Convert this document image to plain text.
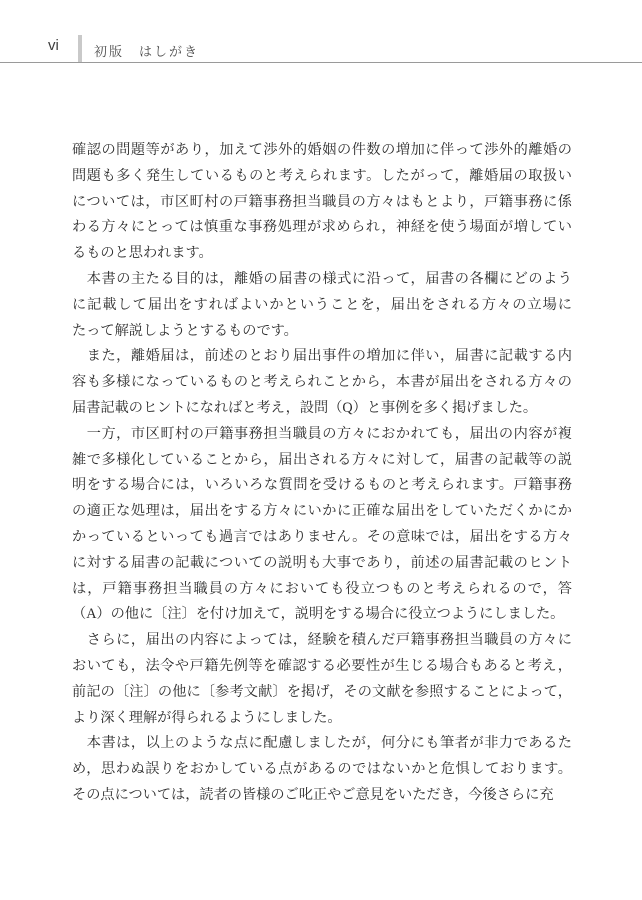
vi	初版　はしがき
確認の問題等があり，加えて渉外的婚姻の件数の増加に伴って渉外的離婚の
問題も多く発生しているものと考えられます。したがって，離婚届の取扱い
については，市区町村の戸籍事務担当職員の方々はもとより，戸籍事務に係
わる方々にとっては慎重な事務処理が求められ，神経を使う場面が増してい
るものと思われます。
　本書の主たる目的は，離婚の届書の様式に沿って，届書の各欄にどのよう
に記載して届出をすればよいかということを，届出をされる方々の立場に
たって解説しようとするものです。
　また，離婚届は，前述のとおり届出事件の増加に伴い，届書に記載する内
容も多様になっているものと考えられことから，本書が届出をされる方々の
届書記載のヒントになればと考え，設問（Q）と事例を多く掲げました。
　一方，市区町村の戸籍事務担当職員の方々におかれても，届出の内容が複
雑で多様化していることから，届出される方々に対して，届書の記載等の説
明をする場合には，いろいろな質問を受けるものと考えられます。戸籍事務
の適正な処理は，届出をする方々にいかに正確な届出をしていただくかにか
かっているといっても過言ではありません。その意味では，届出をする方々
に対する届書の記載についての説明も大事であり，前述の届書記載のヒント
は，戸籍事務担当職員の方々においても役立つものと考えられるので，答
（A）の他に〔注〕を付け加えて，説明をする場合に役立つようにしました。
　さらに，届出の内容によっては，経験を積んだ戸籍事務担当職員の方々に
おいても，法令や戸籍先例等を確認する必要性が生じる場合もあると考え，
前記の〔注〕の他に〔参考文献〕を掲げ，その文献を参照することによって，
より深く理解が得られるようにしました。
　本書は，以上のような点に配慮しましたが，何分にも筆者が非力であるた
め，思わぬ誤りをおかしている点があるのではないかと危惧しております。
その点については，読者の皆様のご叱正やご意見をいただき，今後さらに充
